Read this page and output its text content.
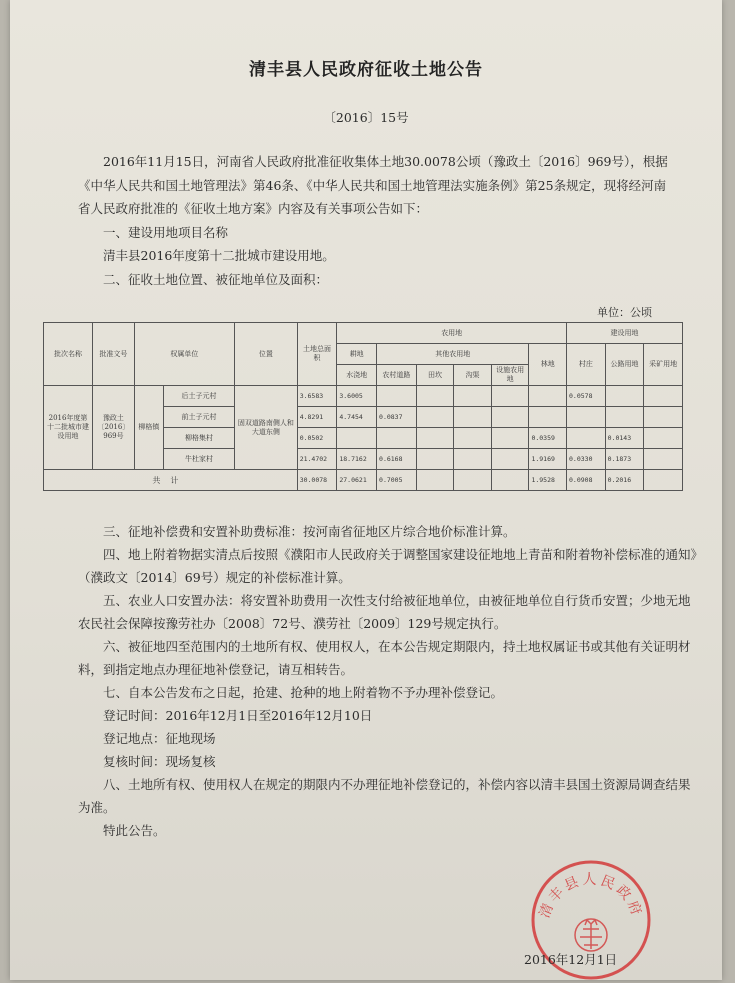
清丰县人民政府征收土地公告
〔2016〕15号

2016年11月15日，河南省人民政府批准征收集体土地30.0078公顷（豫政土〔2016〕969号），根据《中华人民共和国土地管理法》第46条、《中华人民共和国土地管理法实施条例》第25条规定，现将经河南省人民政府批准的《征收土地方案》内容及有关事项公告如下：

一、建设用地项目名称

清丰县2016年度第十二批城市建设用地。

二、征收土地位置、被征地单位及面积：

单位：公顷
批次名称	批准文号	权属单位		位置	土地总面积	农用地						建设用地		
						耕地	其他农用地				林地	村庄	公路用地	采矿用地
						水浇地	农村道路	田坎	沟渠	设施农用地				
2016年度第十二批城市建设用地	豫政土〔2016〕969号	柳格镇	后土子元村	固双道路南侧人和大道东侧	3.6583	3.6005						0.0578		
			前土子元村		4.8291	4.7454	0.0837							
			柳格集村		0.0502						0.0359		0.0143	
			牛杜家村		21.4702	18.7162	0.6168				1.9169	0.0330	0.1873	
共计					30.0078	27.0621	0.7005				1.9528	0.0908	0.2016	

三、征地补偿费和安置补助费标准：按河南省征地区片综合地价标准计算。

四、地上附着物据实清点后按照《濮阳市人民政府关于调整国家建设征地地上青苗和附着物补偿标准的通知》（濮政文〔2014〕69号）规定的补偿标准计算。

五、农业人口安置办法：将安置补助费用一次性支付给被征地单位，由被征地单位自行货币安置；少地无地农民社会保障按豫劳社办〔2008〕72号、濮劳社〔2009〕129号规定执行。

六、被征地四至范围内的土地所有权、使用权人，在本公告规定期限内，持土地权属证书或其他有关证明材料，到指定地点办理征地补偿登记，请互相转告。

七、自本公告发布之日起，抢建、抢种的地上附着物不予办理补偿登记。

登记时间：2016年12月1日至2016年12月10日

登记地点：征地现场

复核时间：现场复核

八、土地所有权、使用权人在规定的期限内不办理征地补偿登记的，补偿内容以清丰县国土资源局调查结果为准。

特此公告。

清丰县人民政府
2016年12月1日
